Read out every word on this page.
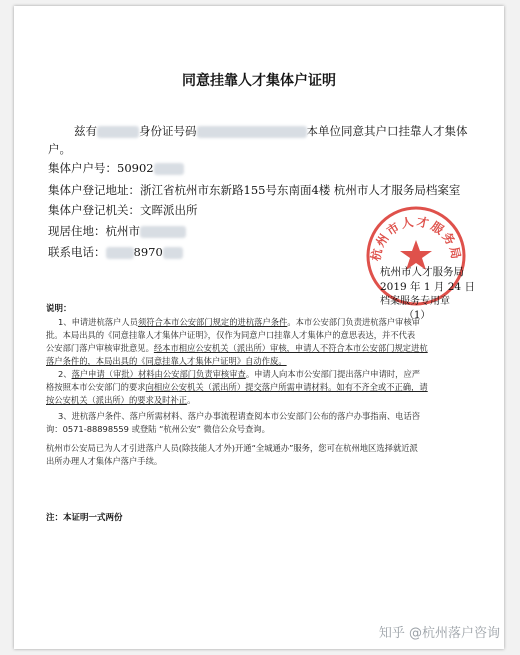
同意挂靠人才集体户证明
兹有	身份证号码	本单位同意其户口挂靠人才集体
户。
集体户户号：50902
集体户登记地址：浙江省杭州市东新路155号东南面4楼 杭州市人才服务局档案室
集体户登记机关：文晖派出所
现居住地：杭州市
联系电话： 8970	杭州市人才服务局
杭州市人才服务局
2019 年 1 月 24 日
档案服务专用章
（1）
说明：
1、申请进杭落户人员须符合本市公安部门规定的进杭落户条件。本市公安部门负责进杭落户审核审
批。本局出具的《同意挂靠人才集体户证明》，仅作为同意户口挂靠人才集体户的意思表达，并不代表
公安部门落户审核审批意见。经本市相应公安机关（派出所）审核，申请人不符合本市公安部门规定进杭
落户条件的，本局出具的《同意挂靠人才集体户证明》自动作废。
2、落户申请（审批）材料由公安部门负责审核审查。申请人向本市公安部门提出落户申请时，应严
格按照本市公安部门的要求向相应公安机关（派出所）提交落户所需申请材料。如有不齐全或不正确，请
按公安机关（派出所）的要求及时补正。
3、进杭落户条件、落户所需材料、落户办事流程请查阅本市公安部门公布的落户办事指南、电话咨
询：0571-88898559 或登陆 “杭州公安” 微信公众号查询。
杭州市公安局已为人才引进落户人员(除技能人才外)开通“全城通办”服务，您可在杭州地区选择就近派
出所办理人才集体户落户手续。
注：本证明一式两份
知乎 @杭州落户咨询
